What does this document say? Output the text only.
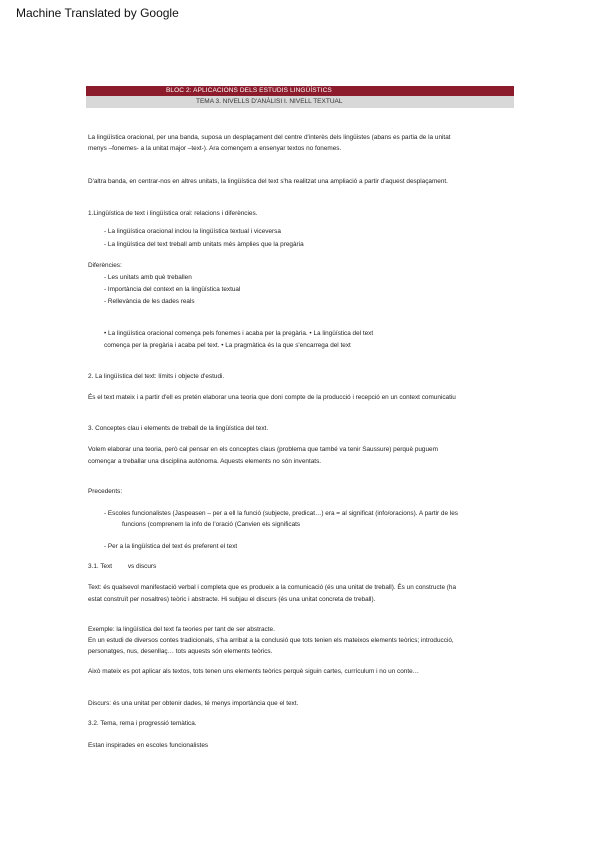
Machine Translated by Google
BLOC 2: APLICACIONS DELS ESTUDIS LINGÜÍSTICS
TEMA 3. NIVELLS D'ANÀLISI I. NIVELL TEXTUAL
La lingüística oracional, per una banda, suposa un desplaçament del centre d'interès dels lingüistes (abans es partia de la unitat
menys –fonemes- a la unitat major –text-). Ara començem a ensenyar textos no fonemes.
D'altra banda, en centrar-nos en altres unitats, la lingüística del text s'ha realitzat una ampliació a partir d'aquest desplaçament.
1.Lingüística de text i lingüística oral: relacions i diferències.
- La lingüística oracional inclou la lingüística textual i viceversa
- La lingüística del text treball amb unitats més àmplies que la pregària
Diferències:
- Les unitats amb què treballen
- Importància del context en la lingüística textual
- Rellevància de les dades reals
• La lingüística oracional comença pels fonemes i acaba per la pregària. • La lingüística del text
comença per la pregària i acaba pel text. • La pragmàtica és la que s'encarrega del text
2. La lingüística del text: límits i objecte d'estudi.
És el text mateix i a partir d'ell es pretén elaborar una teoria que doni compte de la producció i recepció en un context comunicatiu
3. Conceptes clau i elements de treball de la lingüística del text.
Volem elaborar una teoria, però cal pensar en els conceptes claus (problema que també va tenir Saussure) perquè puguem
començar a treballar una disciplina autònoma. Aquests elements no són inventats.
Precedents:
- Escoles funcionalistes (Jaspeasen – per a ell la funció (subjecte, predicat…) era = al significat (info/oracions). A partir de les
funcions (comprenem la info de l'oració (Canvien els significats
- Per a la lingüística del text és preferent el text
3.1. Text vs discurs
Text: és qualsevol manifestació verbal i completa que es produeix a la comunicació (és una unitat de treball). És un constructe (ha
estat construït per nosaltres) teòric i abstracte. Hi subjau el discurs (és una unitat concreta de treball).
Exemple: la lingüística del text fa teories per tant de ser abstracte.
En un estudi de diversos contes tradicionals, s'ha arribat a la conclusió que tots tenien els mateixos elements teòrics; introducció,
personatges, nus, desenllaç… tots aquests són elements teòrics.
Això mateix es pot aplicar als textos, tots tenen uns elements teòrics perquè siguin cartes, currículum i no un conte…
Discurs: és una unitat per obtenir dades, té menys importància que el text.
3.2. Tema, rema i progressió temàtica.
Estan inspirades en escoles funcionalistes
